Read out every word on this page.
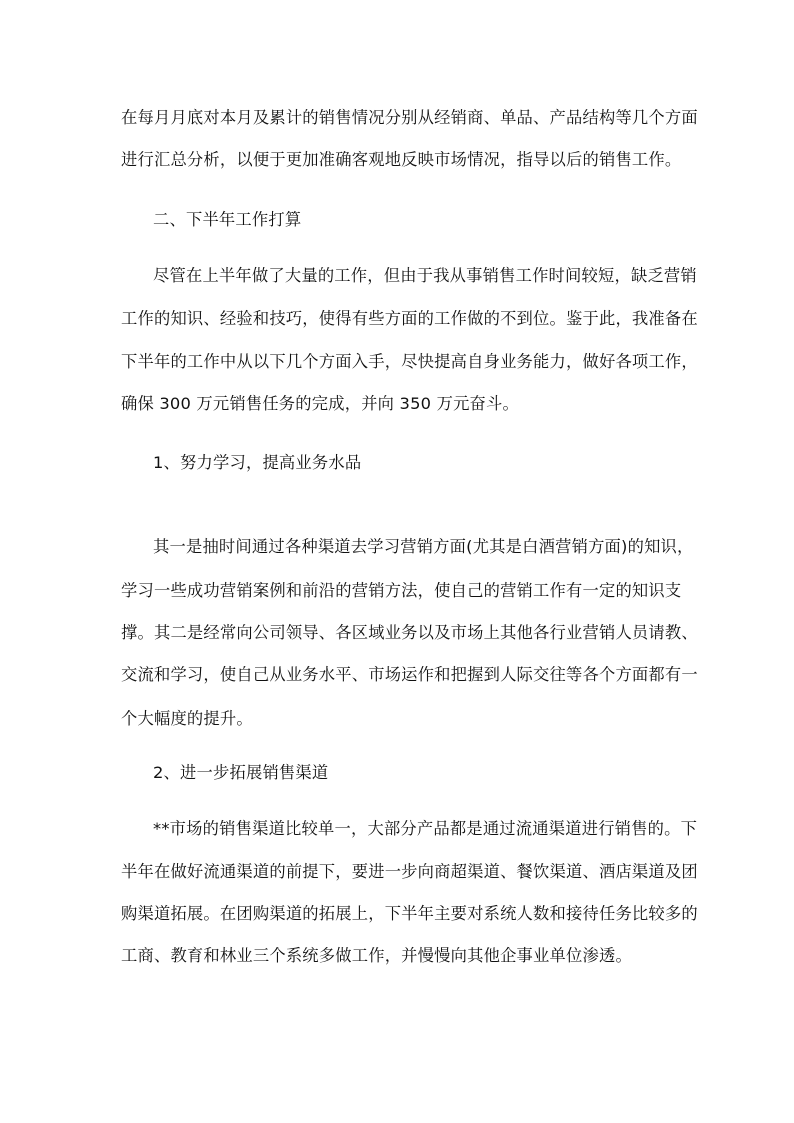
在每月月底对本月及累计的销售情况分别从经销商、单品、产品结构等几个方面

进行汇总分析，以便于更加准确客观地反映市场情况，指导以后的销售工作。

二、下半年工作打算

尽管在上半年做了大量的工作，但由于我从事销售工作时间较短，缺乏营销

工作的知识、经验和技巧，使得有些方面的工作做的不到位。鉴于此，我准备在

下半年的工作中从以下几个方面入手，尽快提高自身业务能力，做好各项工作，

确保 300 万元销售任务的完成，并向 350 万元奋斗。

1、努力学习，提高业务水品

其一是抽时间通过各种渠道去学习营销方面(尤其是白酒营销方面)的知识，

学习一些成功营销案例和前沿的营销方法，使自己的营销工作有一定的知识支

撑。其二是经常向公司领导、各区域业务以及市场上其他各行业营销人员请教、

交流和学习，使自己从业务水平、市场运作和把握到人际交往等各个方面都有一

个大幅度的提升。

2、进一步拓展销售渠道

**市场的销售渠道比较单一，大部分产品都是通过流通渠道进行销售的。下

半年在做好流通渠道的前提下，要进一步向商超渠道、餐饮渠道、酒店渠道及团

购渠道拓展。在团购渠道的拓展上，下半年主要对系统人数和接待任务比较多的

工商、教育和林业三个系统多做工作，并慢慢向其他企事业单位渗透。
